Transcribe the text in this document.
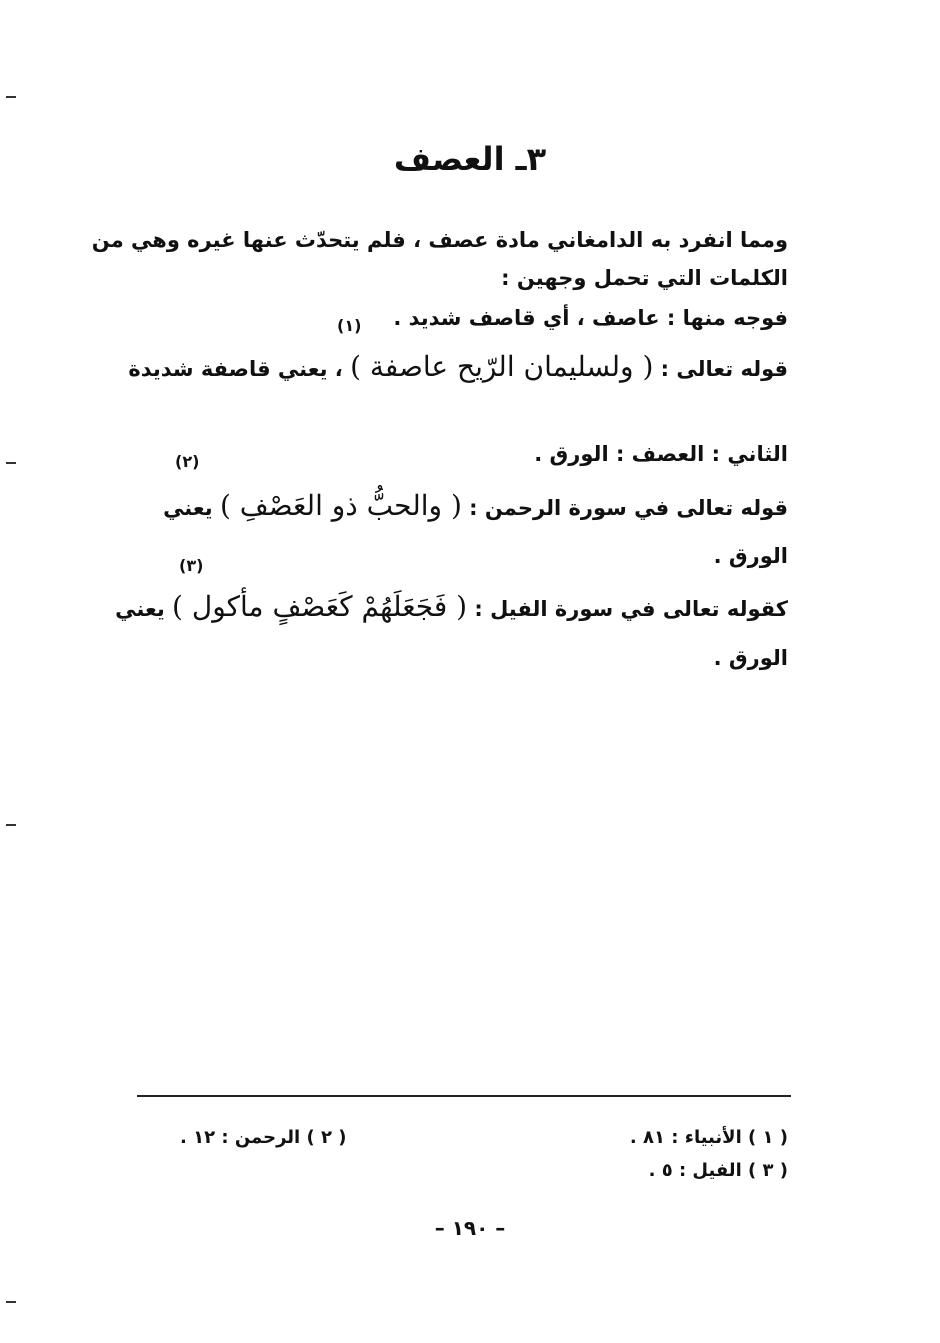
٣ـ العصف
ومما انفرد به الدامغاني مادة عصف ، فلم يتحدّث عنها غيره وهي من
الكلمات التي تحمل وجهين :
فوجه منها : عاصف ، أي قاصف شديد .
(١)
قوله تعالى : ( ولسليمان الرّيح عاصفة ) ، يعني قاصفة شديدة
الثاني : العصف : الورق .
(٢)
قوله تعالى في سورة الرحمن : ( والحبُّ ذو العَصْفِ ) يعني
الورق .
(٣)
كقوله تعالى في سورة الفيل : ( فَجَعَلَهُمْ كَعَصْفٍ مأكول ) يعني
الورق .
( ١ ) الأنبياء : ٨١ .
( ٢ ) الرحمن : ١٢ .
( ٣ ) الفيل : ٥ .
– ١٩٠ –
